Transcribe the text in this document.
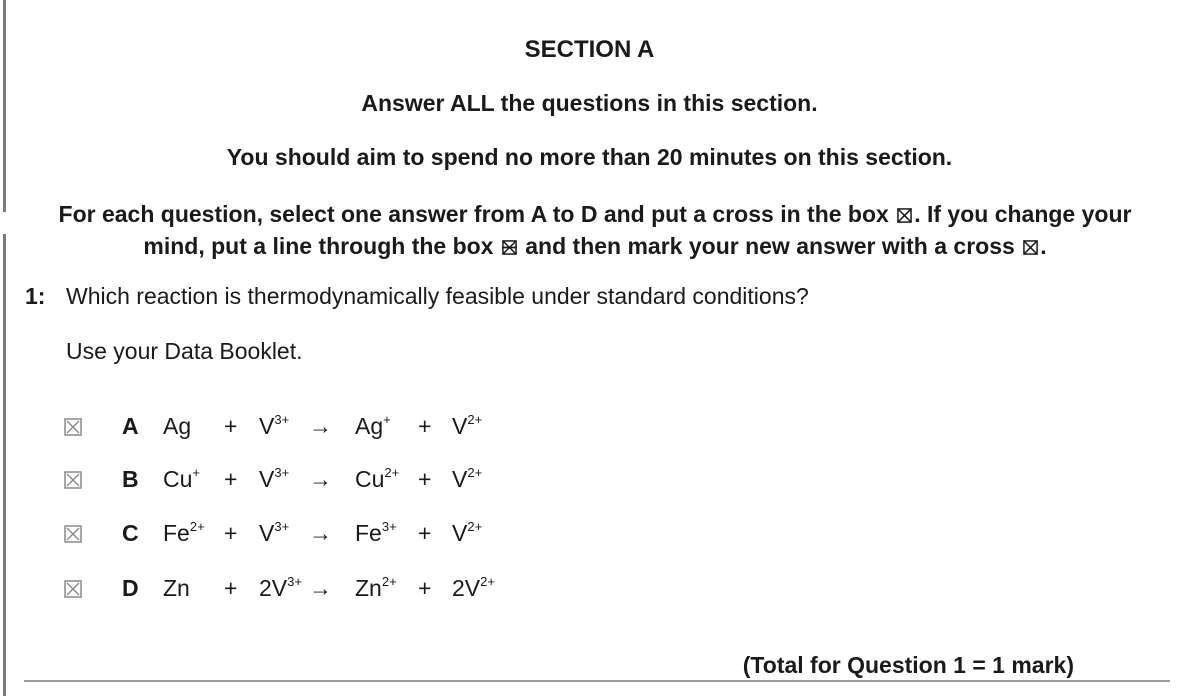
SECTION A
Answer ALL the questions in this section.
You should aim to spend no more than 20 minutes on this section.
For each question, select one answer from A to D and put a cross in the box ☒ . If you change your mind, put a line through the box and then mark your new answer with a cross ☒ .
1: Which reaction is thermodynamically feasible under standard conditions?
Use your Data Booklet.
A $Ag + V^{3+} \to Ag^+ + V^{2+}$
B $Cu^+ + V^{3+} \to Cu^{2+} + V^{2+}$
C $Fe^{2+} + V^{3+} \to Fe^{3+} + V^{2+}$
D $Zn + 2V^{3+} \to Zn^{2+} + 2V^{2+}$
(Total for Question 1 = 1 mark)
